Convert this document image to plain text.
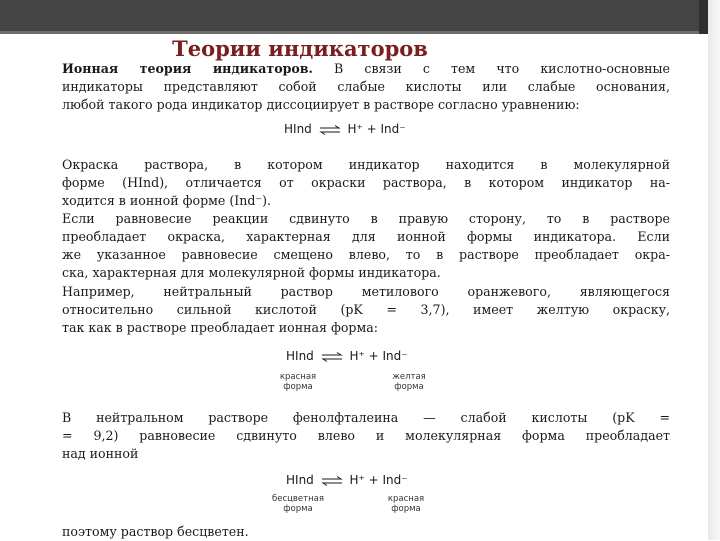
Теории индикаторов
Ионная теория индикаторов. В связи с тем что кислотно-основные
индикаторы представляют собой слабые кислоты или слабые основания,
любой такого рода индикатор диссоциирует в растворе согласно уравнению:
HInd ⇌ H⁺ + Ind⁻
Окраска раствора, в котором индикатор находится в молекулярной
форме (HInd), отличается от окраски раствора, в котором индикатор на-
ходится в ионной форме (Ind⁻).
Если равновесие реакции сдвинуто в правую сторону, то в растворе
преобладает окраска, характерная для ионной формы индикатора. Если
же указанное равновесие смещено влево, то в растворе преобладает окра-
ска, характерная для молекулярной формы индикатора.
Например, нейтральный раствор метилового оранжевого, являющегося
относительно сильной кислотой (pK = 3,7), имеет желтую окраску,
так как в растворе преобладает ионная форма:
HInd ⇌ H⁺ + Ind⁻
красная форма
желтая форма
В нейтральном растворе фенолфталеина — слабой кислоты (pK =
= 9,2) равновесие сдвинуто влево и молекулярная форма преобладает
над ионной
HInd ⇌ H⁺ + Ind⁻
бесцветная форма
красная форма
поэтому раствор бесцветен.
